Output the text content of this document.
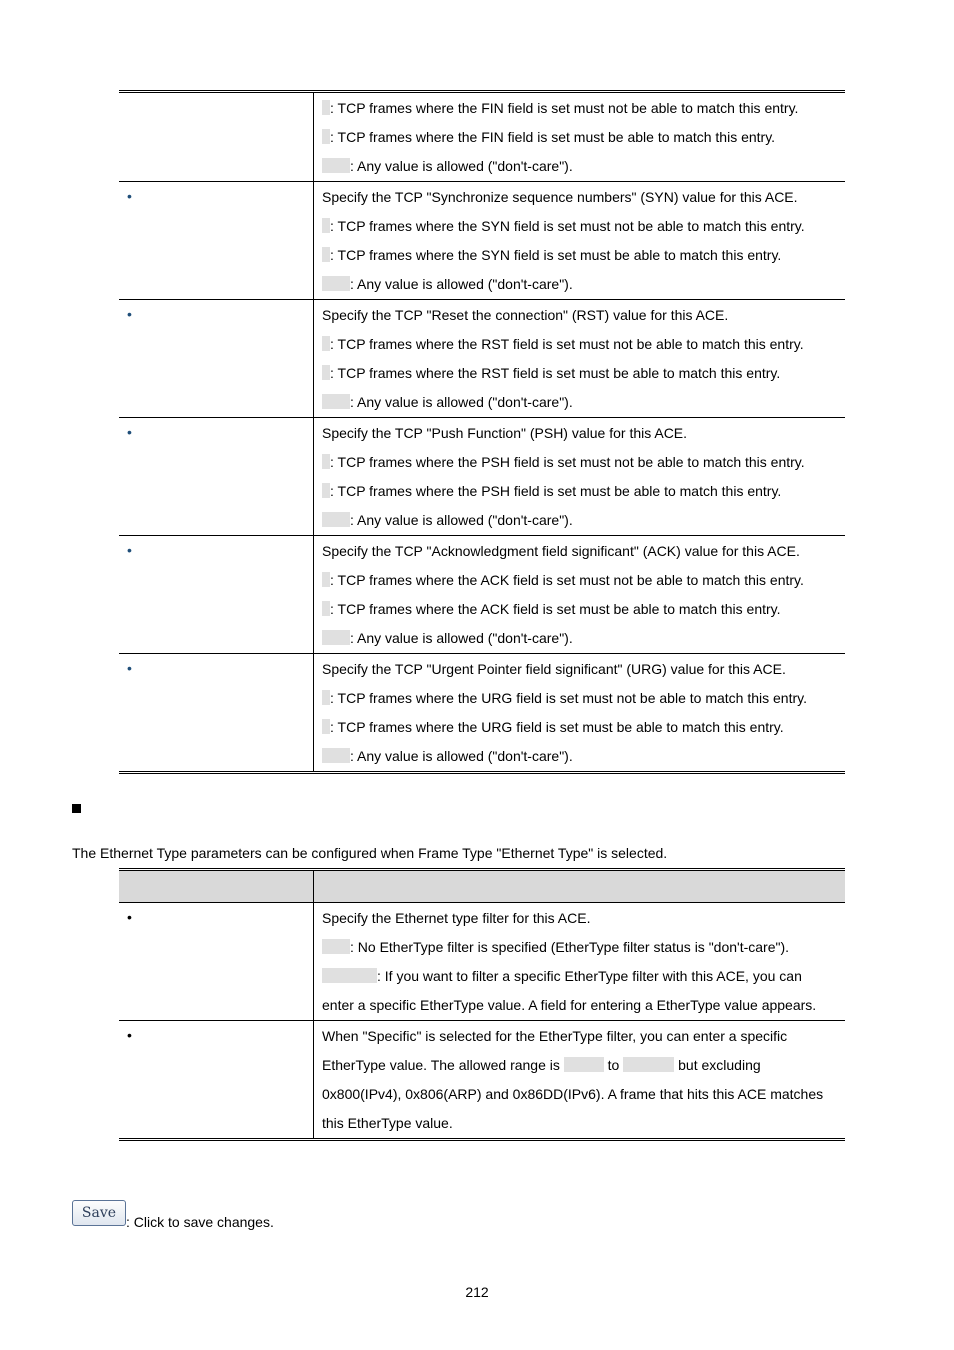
	: TCP frames where the FIN field is set must not be able to match this entry.
: TCP frames where the FIN field is set must be able to match this entry.
: Any value is allowed ("don't-care").

•	Specify the TCP "Synchronize sequence numbers" (SYN) value for this ACE.
: TCP frames where the SYN field is set must not be able to match this entry.
: TCP frames where the SYN field is set must be able to match this entry.
: Any value is allowed ("don't-care").

•	Specify the TCP "Reset the connection" (RST) value for this ACE.
: TCP frames where the RST field is set must not be able to match this entry.
: TCP frames where the RST field is set must be able to match this entry.
: Any value is allowed ("don't-care").

•	Specify the TCP "Push Function" (PSH) value for this ACE.
: TCP frames where the PSH field is set must not be able to match this entry.
: TCP frames where the PSH field is set must be able to match this entry.
: Any value is allowed ("don't-care").

•	Specify the TCP "Acknowledgment field significant" (ACK) value for this ACE.
: TCP frames where the ACK field is set must not be able to match this entry.
: TCP frames where the ACK field is set must be able to match this entry.
: Any value is allowed ("don't-care").

•	Specify the TCP "Urgent Pointer field significant" (URG) value for this ACE.
: TCP frames where the URG field is set must not be able to match this entry.
: TCP frames where the URG field is set must be able to match this entry.
: Any value is allowed ("don't-care").
The Ethernet Type parameters can be configured when Frame Type "Ethernet Type" is selected.

•	Specify the Ethernet type filter for this ACE.
: No EtherType filter is specified (EtherType filter status is "don't-care").
: If you want to filter a specific EtherType filter with this ACE, you can
enter a specific EtherType value. A field for entering a EtherType value appears.

•	When "Specific" is selected for the EtherType filter, you can enter a specific
EtherType value. The allowed range is to but excluding
0x800(IPv4), 0x806(ARP) and 0x86DD(IPv6). A frame that hits this ACE matches
this EtherType value.
Save
: Click to save changes.
212
